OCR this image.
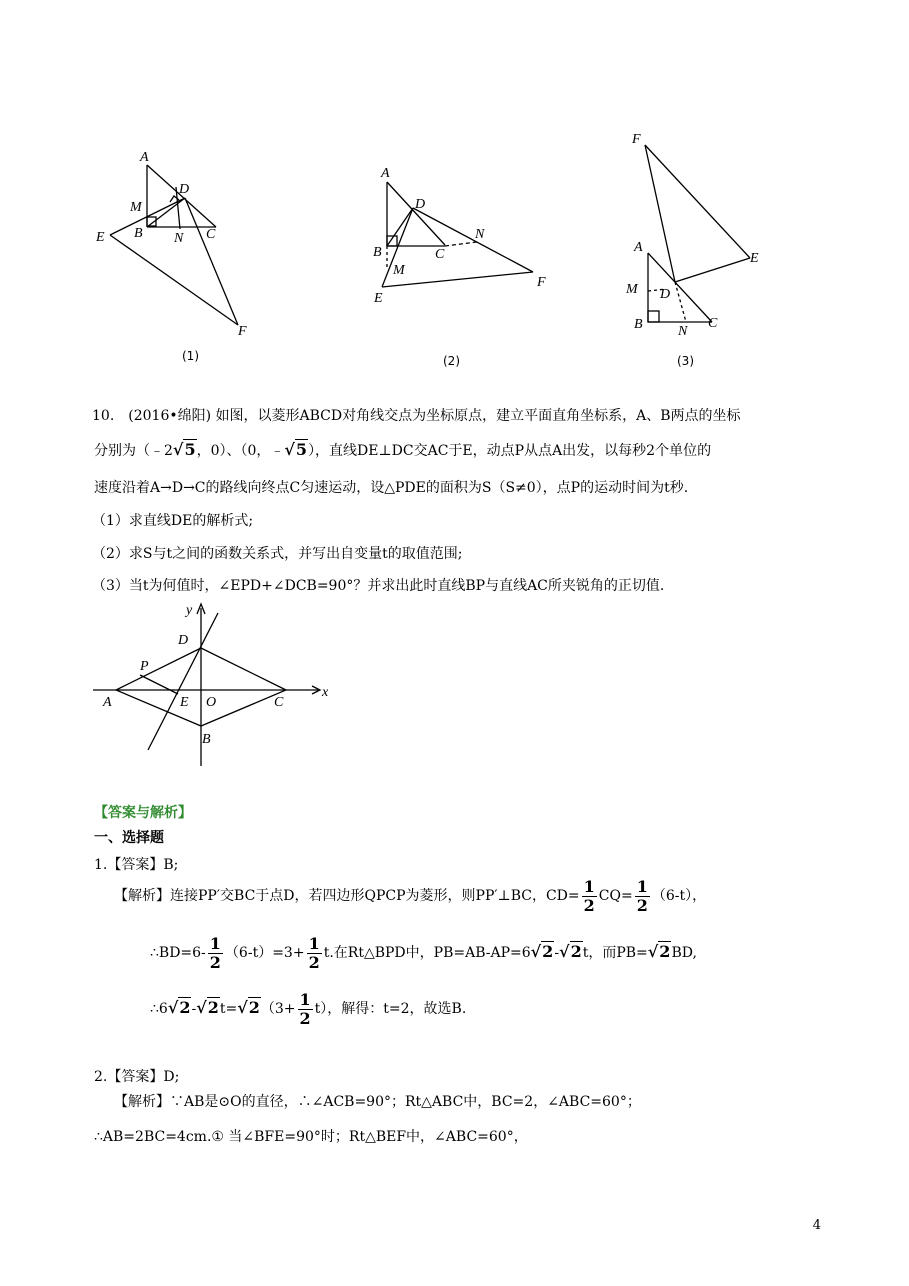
A
D
M
B N C
E
F
(1)
A
D
N
B	C
M
F
E
(2)
F
A
E
M D
B	N
C
(3)
10.　(2016•绵阳) 如图，以菱形ABCD对角线交点为坐标原点，建立平面直角坐标系，A、B两点的坐标
分别为（﹣2√5，0）、（0，﹣√5），直线DE⊥DC交AC于E，动点P从点A出发，以每秒2个单位的
速度沿着A→D→C的路线向终点C匀速运动，设△PDE的面积为S（S≠0），点P的运动时间为t秒.
（1）求直线DE的解析式;
（2）求S与t之间的函数关系式，并写出自变量t的取值范围;
（3）当t为何值时，∠EPD+∠DCB=90°？并求出此时直线BP与直线AC所夹锐角的正切值.
y
D
P
x
A	E O	C
B
【答案与解析】
一、选择题
1.【答案】B;
【解析】连接PP′交BC于点D，若四边形QPCP为菱形，则PP′⊥BC，$CD= \frac{1}{2} CQ= \frac{1}{2} (6-t)$，
∴BD=6- $\frac{1}{2} (6-t)=3+ \frac{1}{2} t$.在Rt△BPD中，PB=AB-AP=6√2-√2t，而PB=√2BD,
∴6√2-√2t=√2（3+ $\frac{1}{2} t$），解得：t=2，故选B.
2.【答案】D;
【解析】∵AB是⊙O的直径，∴∠ACB=90°；Rt△ABC中，BC=2，∠ABC=60°；
∴AB=2BC=4cm.① 当∠BFE=90°时；Rt△BEF中，∠ABC=60°，
4
